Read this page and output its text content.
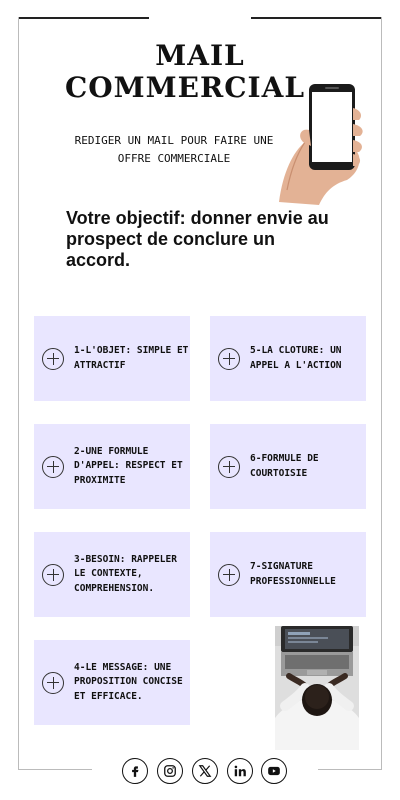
MAIL

COMMERCIAL
REDIGER UN MAIL POUR FAIRE UNE OFFRE COMMERCIALE
Votre objectif: donner envie au prospect de conclure un accord.
1-L'OBJET: SIMPLE ET ATTRACTIF
5-LA CLOTURE: UN APPEL A L'ACTION
2-UNE FORMULE D'APPEL: RESPECT ET PROXIMITE
6-FORMULE DE COURTOISIE
3-BESOIN: RAPPELER LE CONTEXTE, COMPREHENSION.
7-SIGNATURE PROFESSIONNELLE
4-LE MESSAGE: UNE PROPOSITION CONCISE ET EFFICACE.
